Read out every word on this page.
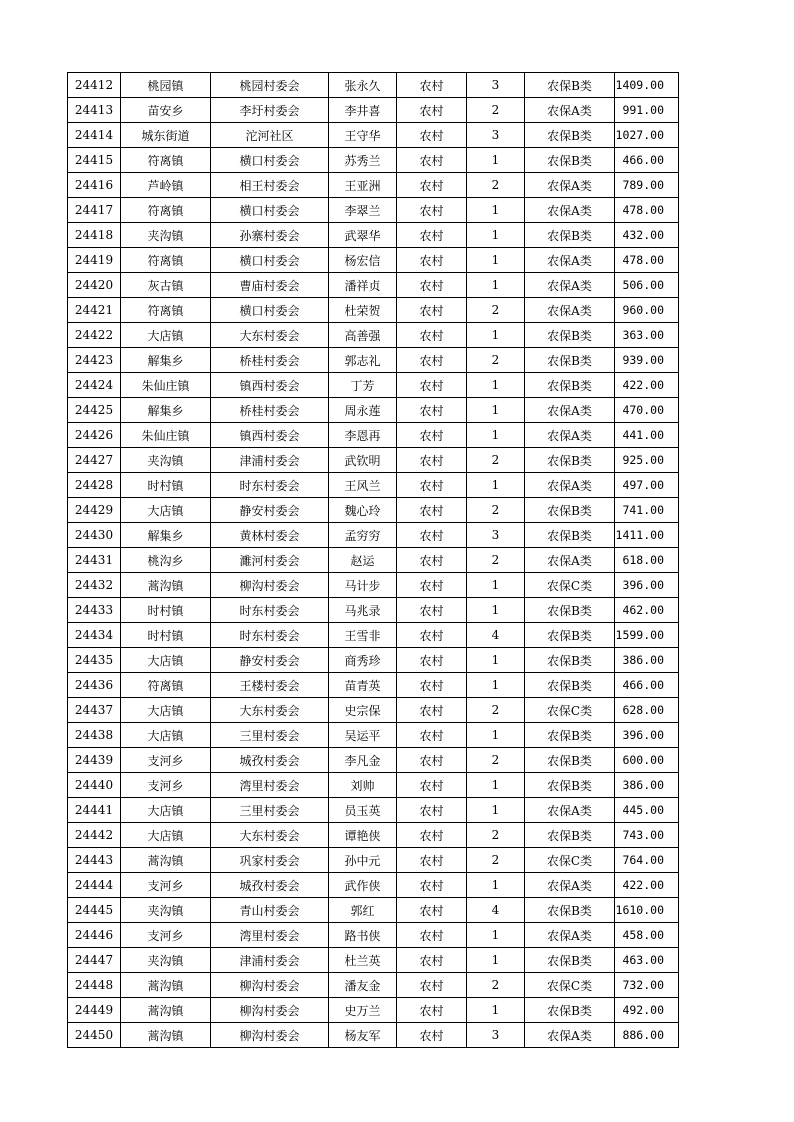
24412	桃园镇	桃园村委会	张永久	农村	3	农保B类	1409.00
24413	苗安乡	李圩村委会	李井喜	农村	2	农保A类	991.00
24414	城东街道	沱河社区	王守华	农村	3	农保B类	1027.00
24415	符离镇	横口村委会	苏秀兰	农村	1	农保B类	466.00
24416	芦岭镇	相王村委会	王亚洲	农村	2	农保A类	789.00
24417	符离镇	横口村委会	李翠兰	农村	1	农保A类	478.00
24418	夹沟镇	孙寨村委会	武翠华	农村	1	农保B类	432.00
24419	符离镇	横口村委会	杨宏信	农村	1	农保A类	478.00
24420	灰古镇	曹庙村委会	潘祥贞	农村	1	农保A类	506.00
24421	符离镇	横口村委会	杜荣贺	农村	2	农保A类	960.00
24422	大店镇	大东村委会	高善强	农村	1	农保B类	363.00
24423	解集乡	桥桂村委会	郭志礼	农村	2	农保B类	939.00
24424	朱仙庄镇	镇西村委会	丁芳	农村	1	农保B类	422.00
24425	解集乡	桥桂村委会	周永莲	农村	1	农保A类	470.00
24426	朱仙庄镇	镇西村委会	李恩再	农村	1	农保A类	441.00
24427	夹沟镇	津浦村委会	武钦明	农村	2	农保B类	925.00
24428	时村镇	时东村委会	王风兰	农村	1	农保A类	497.00
24429	大店镇	静安村委会	魏心玲	农村	2	农保B类	741.00
24430	解集乡	黄林村委会	孟穷穷	农村	3	农保B类	1411.00
24431	桃沟乡	濉河村委会	赵运	农村	2	农保A类	618.00
24432	蒿沟镇	柳沟村委会	马计步	农村	1	农保C类	396.00
24433	时村镇	时东村委会	马兆录	农村	1	农保B类	462.00
24434	时村镇	时东村委会	王雪非	农村	4	农保B类	1599.00
24435	大店镇	静安村委会	商秀珍	农村	1	农保B类	386.00
24436	符离镇	王楼村委会	苗青英	农村	1	农保B类	466.00
24437	大店镇	大东村委会	史宗保	农村	2	农保C类	628.00
24438	大店镇	三里村委会	吴运平	农村	1	农保B类	396.00
24439	支河乡	城孜村委会	李凡金	农村	2	农保B类	600.00
24440	支河乡	湾里村委会	刘帅	农村	1	农保B类	386.00
24441	大店镇	三里村委会	员玉英	农村	1	农保A类	445.00
24442	大店镇	大东村委会	谭艳侠	农村	2	农保B类	743.00
24443	蒿沟镇	巩家村委会	孙中元	农村	2	农保C类	764.00
24444	支河乡	城孜村委会	武作侠	农村	1	农保A类	422.00
24445	夹沟镇	青山村委会	郭红	农村	4	农保B类	1610.00
24446	支河乡	湾里村委会	路书侠	农村	1	农保A类	458.00
24447	夹沟镇	津浦村委会	杜兰英	农村	1	农保B类	463.00
24448	蒿沟镇	柳沟村委会	潘友金	农村	2	农保C类	732.00
24449	蒿沟镇	柳沟村委会	史万兰	农村	1	农保B类	492.00
24450	蒿沟镇	柳沟村委会	杨友军	农村	3	农保A类	886.00
